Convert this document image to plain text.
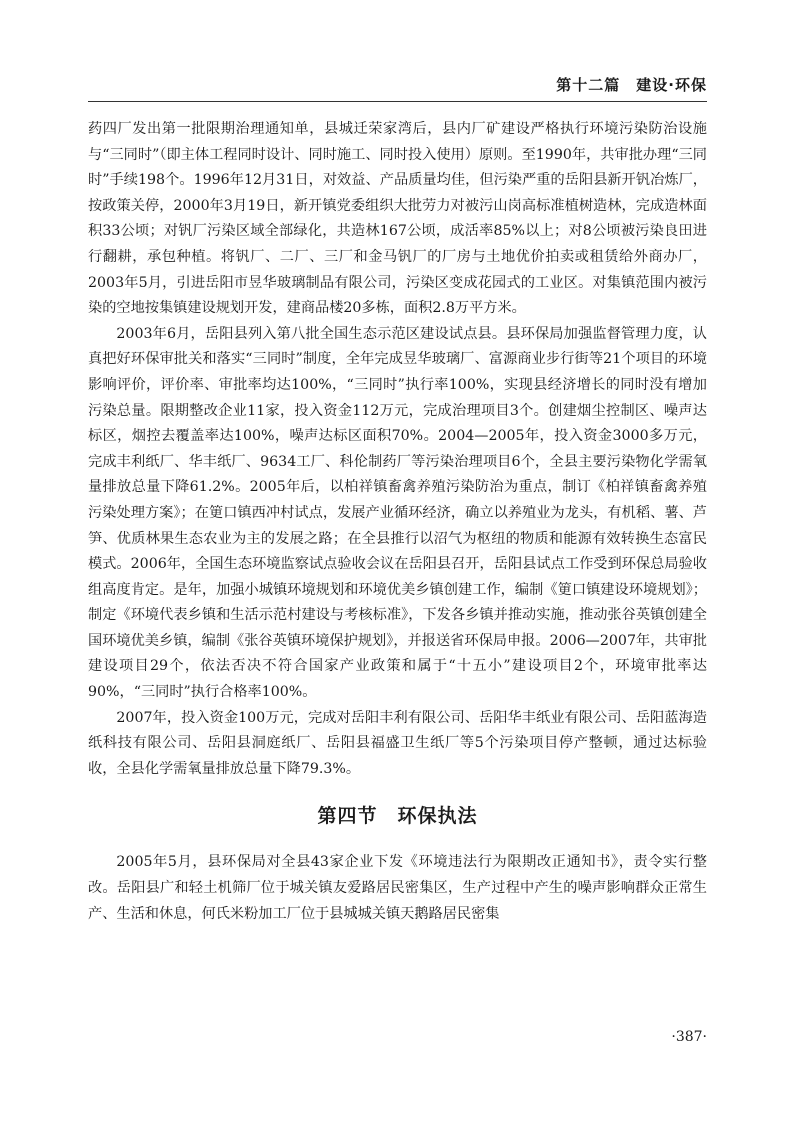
第十二篇　建设·环保

药四厂发出第一批限期治理通知单，县城迁荣家湾后，县内厂矿建设严格执行环境污染防治设施与“三同时”（即主体工程同时设计、同时施工、同时投入使用）原则。至1990年，共审批办理“三同时”手续198个。1996年12月31日，对效益、产品质量均佳，但污染严重的岳阳县新开钒冶炼厂，按政策关停，2000年3月19日，新开镇党委组织大批劳力对被污山岗高标准植树造林，完成造林面积33公顷；对钒厂污染区域全部绿化，共造林167公顷，成活率85%以上；对8公顷被污染良田进行翻耕，承包种植。将钒厂、二厂、三厂和金马钒厂的厂房与土地优价拍卖或租赁给外商办厂，2003年5月，引进岳阳市昱华玻璃制品有限公司，污染区变成花园式的工业区。对集镇范围内被污染的空地按集镇建设规划开发，建商品楼20多栋，面积2.8万平方米。

2003年6月，岳阳县列入第八批全国生态示范区建设试点县。县环保局加强监督管理力度，认真把好环保审批关和落实“三同时”制度，全年完成昱华玻璃厂、富源商业步行街等21个项目的环境影响评价，评价率、审批率均达100%，“三同时”执行率100%，实现县经济增长的同时没有增加污染总量。限期整改企业11家，投入资金112万元，完成治理项目3个。创建烟尘控制区、噪声达标区，烟控去覆盖率达100%，噪声达标区面积70%。2004—2005年，投入资金3000多万元，完成丰利纸厂、华丰纸厂、9634工厂、科伦制药厂等污染治理项目6个，全县主要污染物化学需氧量排放总量下降61.2%。2005年后，以柏祥镇畜禽养殖污染防治为重点，制订《柏祥镇畜禽养殖污染处理方案》；在筻口镇西冲村试点，发展产业循环经济，确立以养殖业为龙头，有机稻、薯、芦笋、优质林果生态农业为主的发展之路；在全县推行以沼气为枢纽的物质和能源有效转换生态富民模式。2006年，全国生态环境监察试点验收会议在岳阳县召开，岳阳县试点工作受到环保总局验收组高度肯定。是年，加强小城镇环境规划和环境优美乡镇创建工作，编制《筻口镇建设环境规划》；制定《环境代表乡镇和生活示范村建设与考核标准》，下发各乡镇并推动实施，推动张谷英镇创建全国环境优美乡镇，编制《张谷英镇环境保护规划》，并报送省环保局申报。2006—2007年，共审批建设项目29个，依法否决不符合国家产业政策和属于“十五小”建设项目2个，环境审批率达90%，“三同时”执行合格率100%。

2007年，投入资金100万元，完成对岳阳丰利有限公司、岳阳华丰纸业有限公司、岳阳蓝海造纸科技有限公司、岳阳县洞庭纸厂、岳阳县福盛卫生纸厂等5个污染项目停产整顿，通过达标验收，全县化学需氧量排放总量下降79.3%。

第四节　环保执法

2005年5月，县环保局对全县43家企业下发《环境违法行为限期改正通知书》，责令实行整改。岳阳县广和轻土机筛厂位于城关镇友爱路居民密集区，生产过程中产生的噪声影响群众正常生产、生活和休息，何氏米粉加工厂位于县城城关镇天鹅路居民密集

·387·
